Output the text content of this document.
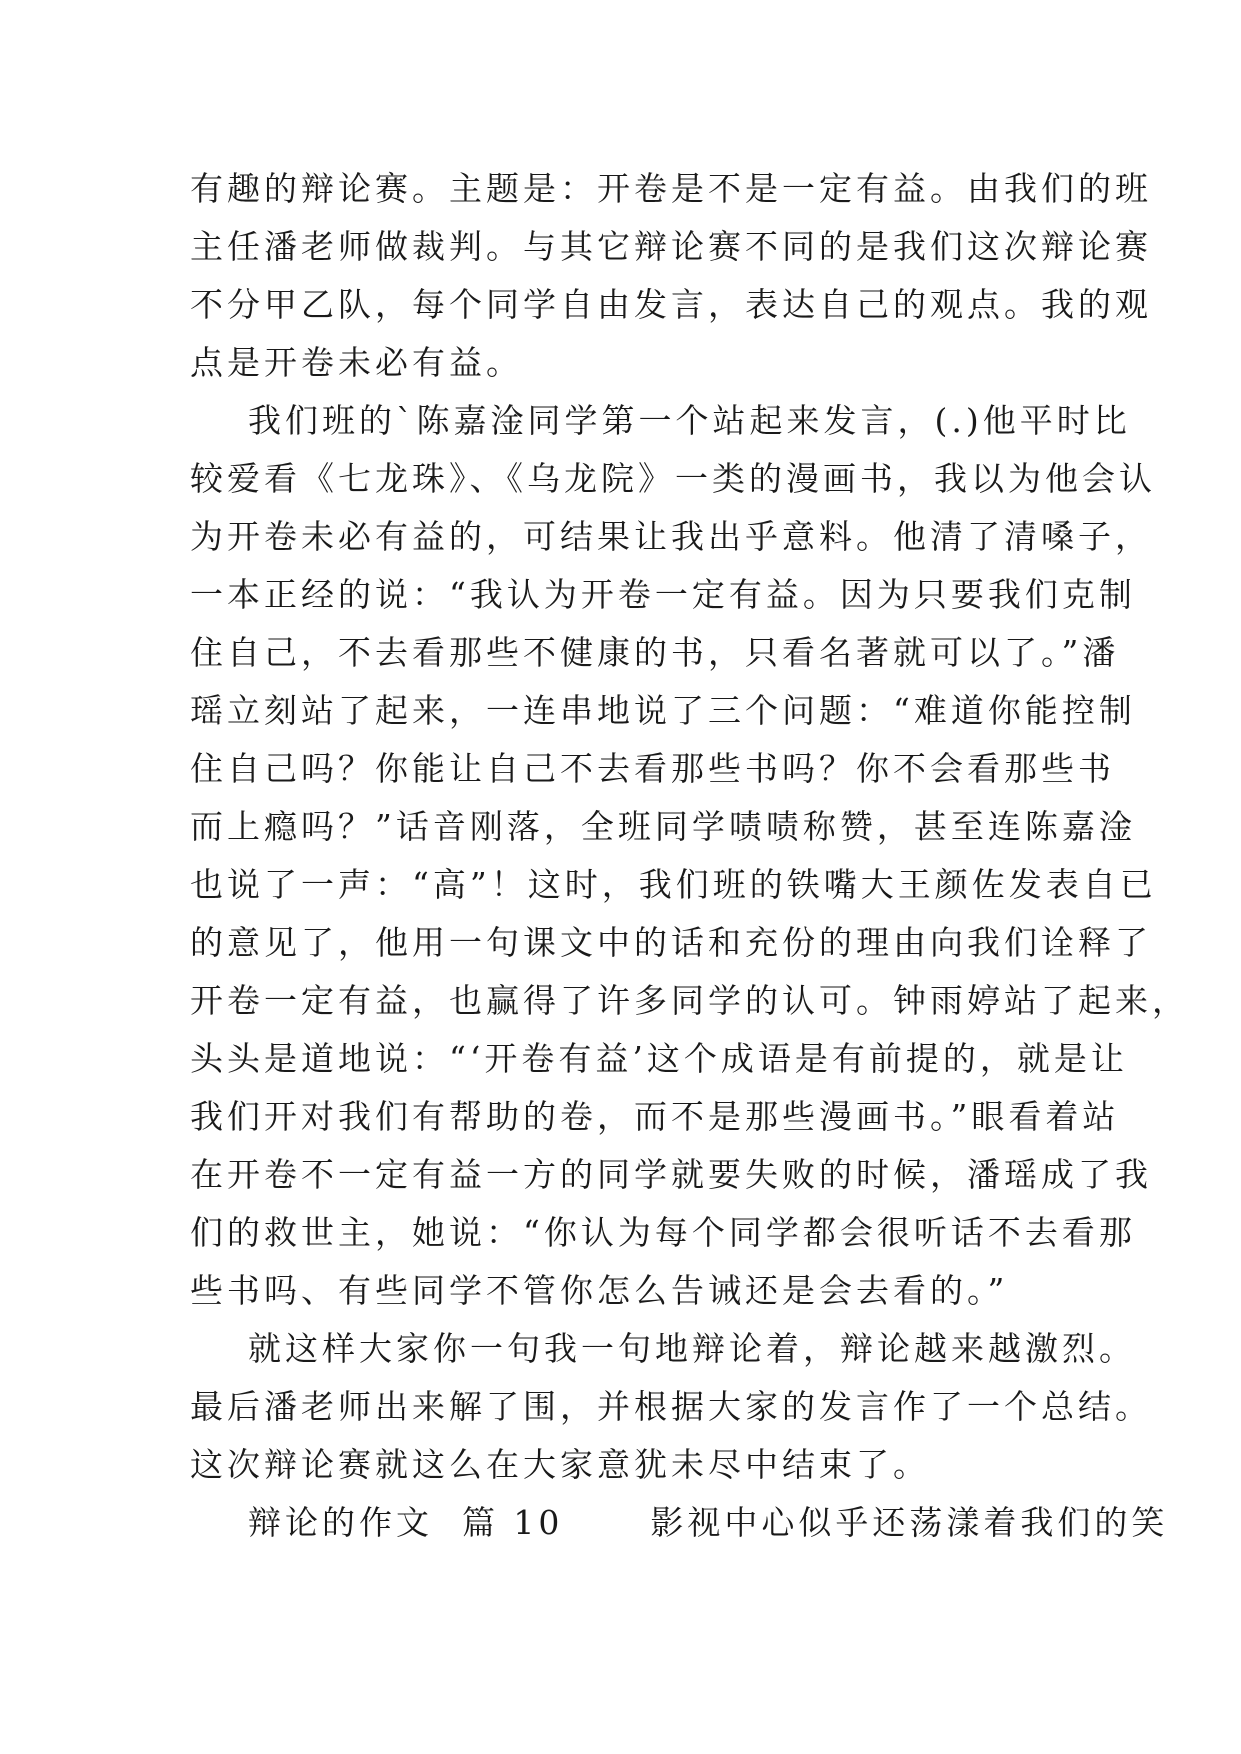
有趣的辩论赛。主题是：开卷是不是一定有益。由我们的班
主任潘老师做裁判。与其它辩论赛不同的是我们这次辩论赛
不分甲乙队，每个同学自由发言，表达自己的观点。我的观
点是开卷未必有益。
我们班的`陈嘉淦同学第一个站起来发言，(.)他平时比
较爱看《七龙珠》、《乌龙院》一类的漫画书，我以为他会认
为开卷未必有益的，可结果让我出乎意料。他清了清嗓子，
一本正经的说：“我认为开卷一定有益。因为只要我们克制
住自己，不去看那些不健康的书，只看名著就可以了。”潘
瑶立刻站了起来，一连串地说了三个问题：“难道你能控制
住自己吗？你能让自己不去看那些书吗？你不会看那些书
而上瘾吗？”话音刚落，全班同学啧啧称赞，甚至连陈嘉淦
也说了一声：“高”！这时，我们班的铁嘴大王颜佐发表自已
的意见了，他用一句课文中的话和充份的理由向我们诠释了
开卷一定有益，也赢得了许多同学的认可。钟雨婷站了起来，
头头是道地说：“‘开卷有益’这个成语是有前提的，就是让
我们开对我们有帮助的卷，而不是那些漫画书。”眼看着站
在开卷不一定有益一方的同学就要失败的时候，潘瑶成了我
们的救世主，她说：“你认为每个同学都会很听话不去看那
些书吗、有些同学不管你怎么告诫还是会去看的。”
就这样大家你一句我一句地辩论着，辩论越来越激烈。
最后潘老师出来解了围，并根据大家的发言作了一个总结。
这次辩论赛就这么在大家意犹未尽中结束了。
辩论的作文  篇 10      影视中心似乎还荡漾着我们的笑
